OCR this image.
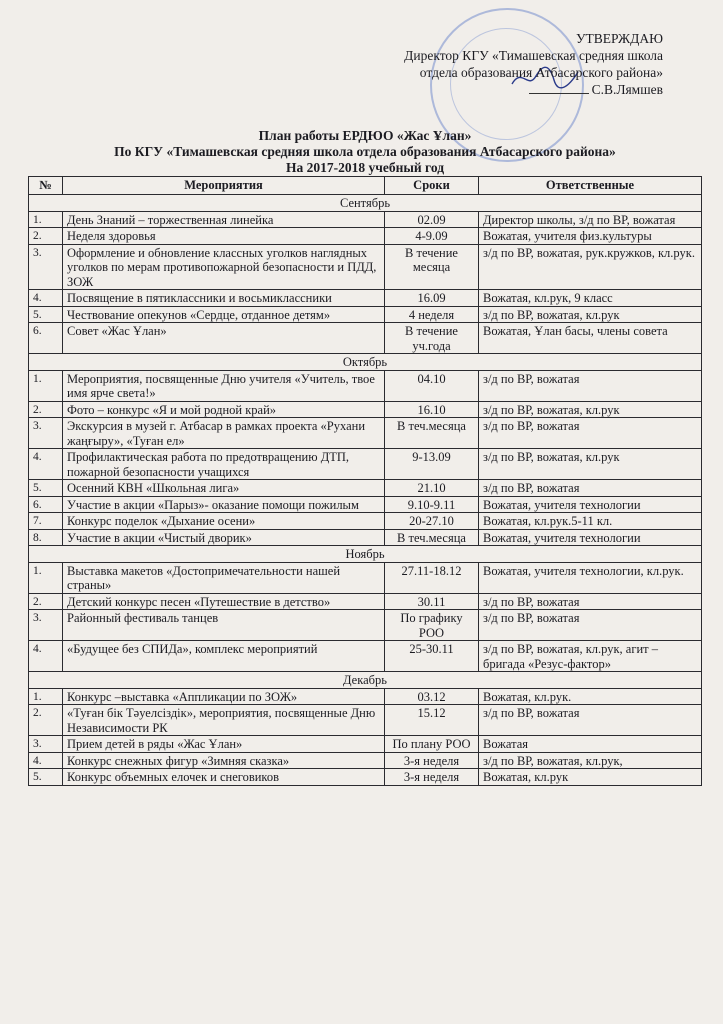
УТВЕРЖДАЮ
Директор КГУ «Тимашевская средняя школа
отдела образования Атбасарского района»
С.В.Лямшев
План работы ЕРДЮО «Жас Ұлан»
По КГУ «Тимашевская средняя школа отдела образования Атбасарского района»
На 2017-2018 учебный год
№	Мероприятия	Сроки	Ответственные
Сентябрь			
1.	День Знаний – торжественная линейка	02.09	Директор школы, з/д по ВР, вожатая
2.	Неделя здоровья	4-9.09	Вожатая, учителя физ.культуры
3.	Оформление и обновление классных уголков наглядных уголков по мерам противопожарной безопасности и ПДД, ЗОЖ	В течение месяца	з/д по ВР, вожатая, рук.кружков, кл.рук.
4.	Посвящение в пятиклассники и восьмиклассники	16.09	Вожатая, кл.рук, 9 класс
5.	Чествование опекунов «Сердце, отданное детям»	4 неделя	з/д по ВР, вожатая, кл.рук
6.	Совет «Жас Ұлан»	В течение уч.года	Вожатая, Ұлан басы, члены совета
Октябрь			
1.	Мероприятия, посвященные Дню учителя «Учитель, твое имя ярче света!»	04.10	з/д по ВР, вожатая
2.	Фото – конкурс «Я и мой родной край»	16.10	з/д по ВР, вожатая, кл.рук
3.	Экскурсия в музей г. Атбасар в рамках проекта «Рухани жаңғыру», «Туған ел»	В теч.месяца	з/д по ВР, вожатая
4.	Профилактическая работа по предотвращению ДТП, пожарной безопасности учащихся	9-13.09	з/д по ВР, вожатая, кл.рук
5.	Осенний КВН «Школьная лига»	21.10	з/д по ВР, вожатая
6.	Участие в акции «Парыз»- оказание помощи пожилым	9.10-9.11	Вожатая, учителя технологии
7.	Конкурс поделок «Дыхание осени»	20-27.10	Вожатая, кл.рук.5-11 кл.
8.	Участие в акции «Чистый дворик»	В теч.месяца	Вожатая, учителя технологии
Ноябрь			
1.	Выставка макетов «Достопримечательности нашей страны»	27.11-18.12	Вожатая, учителя технологии, кл.рук.
2.	Детский конкурс песен «Путешествие в детство»	30.11	з/д по ВР, вожатая
3.	Районный фестиваль танцев	По графику РОО	з/д по ВР, вожатая
4.	«Будущее без СПИДа», комплекс мероприятий	25-30.11	з/д по ВР, вожатая, кл.рук, агит –бригада «Резус-фактор»
Декабрь			
1.	Конкурс –выставка «Аппликации по ЗОЖ»	03.12	Вожатая, кл.рук.
2.	«Туған бiк Тәуелсiздiк», мероприятия, посвященные Дню Независимости РК	15.12	з/д по ВР, вожатая
3.	Прием детей в ряды «Жас Ұлан»	По плану РОО	Вожатая
4.	Конкурс снежных фигур «Зимняя сказка»	3-я неделя	з/д по ВР, вожатая, кл.рук,
5.	Конкурс объемных елочек и снеговиков	3-я неделя	Вожатая, кл.рук
